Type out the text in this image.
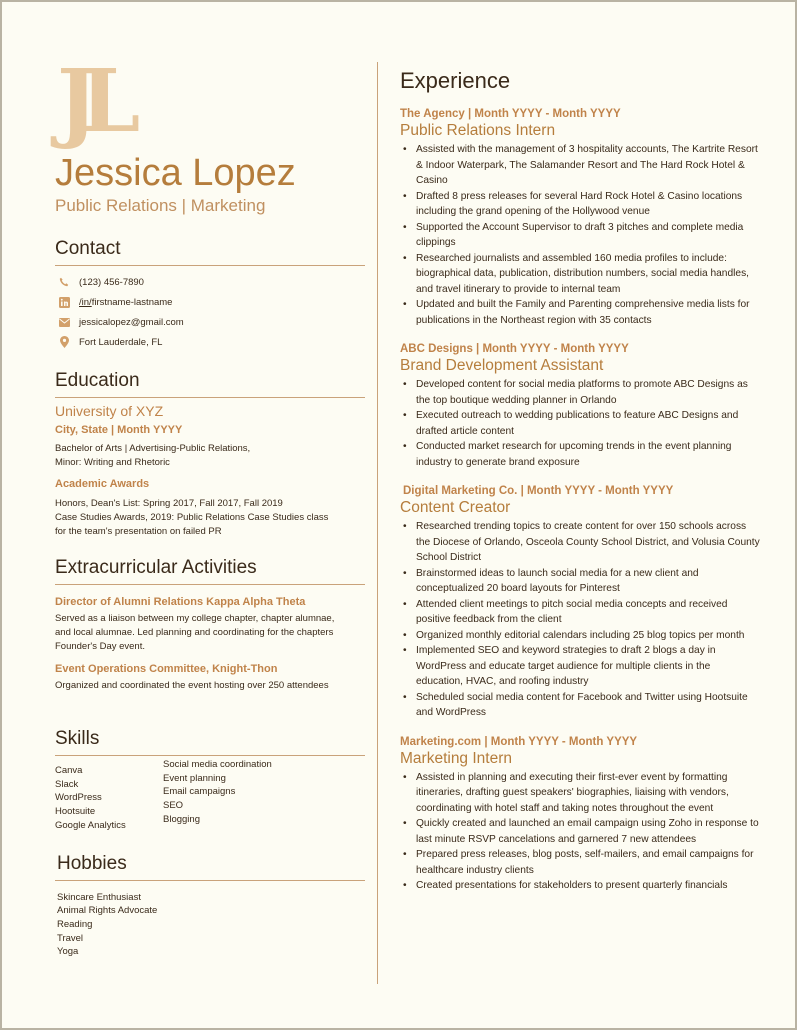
JL
Jessica Lopez
Public Relations | Marketing
Contact
(123) 456-7890
/in/ firstname-lastname
jessicalopez@gmail.com
Fort Lauderdale, FL
Education
University of XYZ
City, State | Month YYYY
Bachelor of Arts | Advertising-Public Relations,
Minor: Writing and Rhetoric
Academic Awards
Honors, Dean's List: Spring 2017, Fall 2017, Fall 2019
Case Studies Awards, 2019: Public Relations Case Studies class
for the team's presentation on failed PR
Extracurricular Activities
Director of Alumni Relations Kappa Alpha Theta
Served as a liaison between my college chapter, chapter alumnae,
and local alumnae. Led planning and coordinating for the chapters
Founder's Day event.
Event Operations Committee, Knight-Thon
Organized and coordinated the event hosting over 250 attendees
Skills
Canva
Slack
WordPress
Hootsuite
Google Analytics
Social media coordination
Event planning
Email campaigns
SEO
Blogging
Hobbies
Skincare Enthusiast
Animal Rights Advocate
Reading
Travel
Yoga
Experience
The Agency | Month YYYY - Month YYYY
Public Relations Intern
• Assisted with the management of 3 hospitality accounts, The Kartrite Resort & Indoor Waterpark, The Salamander Resort and The Hard Rock Hotel & Casino
• Drafted 8 press releases for several Hard Rock Hotel & Casino locations including the grand opening of the Hollywood venue
• Supported the Account Supervisor to draft 3 pitches and complete media clippings
• Researched journalists and assembled 160 media profiles to include: biographical data, publication, distribution numbers, social media handles, and travel itinerary to provide to internal team
• Updated and built the Family and Parenting comprehensive media lists for publications in the Northeast region with 35 contacts
ABC Designs | Month YYYY - Month YYYY
Brand Development Assistant
• Developed content for social media platforms to promote ABC Designs as the top boutique wedding planner in Orlando
• Executed outreach to wedding publications to feature ABC Designs and drafted article content
• Conducted market research for upcoming trends in the event planning industry to generate brand exposure
Digital Marketing Co. | Month YYYY - Month YYYY
Content Creator
• Researched trending topics to create content for over 150 schools across the Diocese of Orlando, Osceola County School District, and Volusia County School District
• Brainstormed ideas to launch social media for a new client and conceptualized 20 board layouts for Pinterest
• Attended client meetings to pitch social media concepts and received positive feedback from the client
• Organized monthly editorial calendars including 25 blog topics per month
• Implemented SEO and keyword strategies to draft 2 blogs a day in WordPress and educate target audience for multiple clients in the education, HVAC, and roofing industry
• Scheduled social media content for Facebook and Twitter using Hootsuite and WordPress
Marketing.com | Month YYYY - Month YYYY
Marketing Intern
• Assisted in planning and executing their first-ever event by formatting itineraries, drafting guest speakers' biographies, liaising with vendors, coordinating with hotel staff and taking notes throughout the event
• Quickly created and launched an email campaign using Zoho in response to last minute RSVP cancelations and garnered 7 new attendees
• Prepared press releases, blog posts, self-mailers, and email campaigns for healthcare industry clients
• Created presentations for stakeholders to present quarterly financials
